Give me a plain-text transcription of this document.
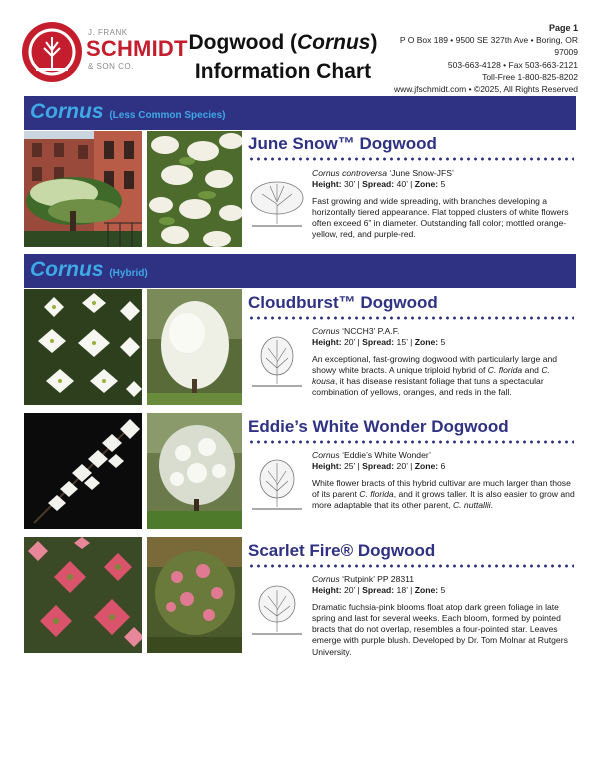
J. FRANK
SCHMIDT
& SON CO.
Dogwood (Cornus)
Information Chart
Page 1
P O Box 189 • 9500 SE 327th Ave • Boring, OR 97009
503-663-4128 • Fax 503-663-2121
Toll-Free 1-800-825-8202
www.jfschmidt.com • ©2025, All Rights Reserved
Cornus (Less Common Species)
June Snow™ Dogwood
Cornus controversa ‘June Snow-JFS’
Height: 30’ | Spread: 40’ | Zone: 5
Fast growing and wide spreading, with branches developing a horizontally tiered appearance. Flat topped clusters of white flowers often exceed 6” in diameter. Outstanding fall color; mottled orange-yellow, red, and purple-red.
Cornus (Hybrid)
Cloudburst™ Dogwood
Cornus ‘NCCH3’ P.A.F.
Height: 20’ | Spread: 15’ | Zone: 5
An exceptional, fast-growing dogwood with particularly large and showy white bracts. A unique triploid hybrid of C. florida and C. kousa, it has disease resistant foliage that tuns a spectacular combination of yellows, oranges, and reds in the fall.
Eddie’s White Wonder Dogwood
Cornus ‘Eddie’s White Wonder’
Height: 25’ | Spread: 20’ | Zone: 6
White flower bracts of this hybrid cultivar are much larger than those of its parent C. florida, and it grows taller. It is also easier to grow and more adaptable that its other parent, C. nuttallii.
Scarlet Fire® Dogwood
Cornus ‘Rutpink’ PP 28311
Height: 20’ | Spread: 18’ | Zone: 5
Dramatic fuchsia-pink blooms float atop dark green foliage in late spring and last for several weeks. Each bloom, formed by pointed bracts that do not overlap, resembles a four-pointed star. Leaves emerge with purple blush. Developed by Dr. Tom Molnar at Rutgers University.
